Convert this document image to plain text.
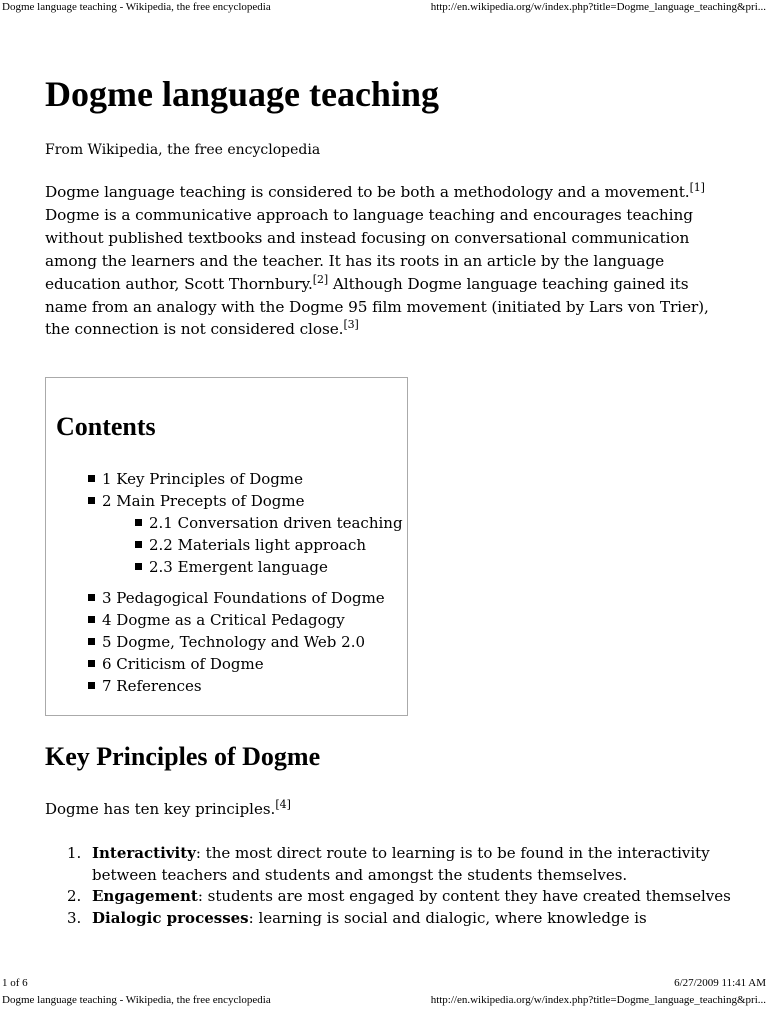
Dogme language teaching - Wikipedia, the free encyclopedia	http://en.wikipedia.org/w/index.php?title=Dogme_language_teaching&pri...
Dogme language teaching

From Wikipedia, the free encyclopedia

Dogme language teaching is considered to be both a methodology and a movement.[1] Dogme is a communicative approach to language teaching and encourages teaching without published textbooks and instead focusing on conversational communication among the learners and the teacher. It has its roots in an article by the language education author, Scott Thornbury.[2] Although Dogme language teaching gained its name from an analogy with the Dogme 95 film movement (initiated by Lars von Trier), the connection is not considered close.[3]

Key Principles of Dogme

Dogme has ten key principles.[4]

1. Interactivity: the most direct route to learning is to be found in the interactivity between teachers and students and amongst the students themselves.
2. Engagement: students are most engaged by content they have created themselves
3. Dialogic processes: learning is social and dialogic, where knowledge is
Contents
1 Key Principles of Dogme
2 Main Precepts of Dogme
2.1 Conversation driven teaching
2.2 Materials light approach
2.3 Emergent language
3 Pedagogical Foundations of Dogme
4 Dogme as a Critical Pedagogy
5 Dogme, Technology and Web 2.0
6 Criticism of Dogme
7 References
1 of 6	6/27/2009 11:41 AM
Dogme language teaching - Wikipedia, the free encyclopedia	http://en.wikipedia.org/w/index.php?title=Dogme_language_teaching&pri...
